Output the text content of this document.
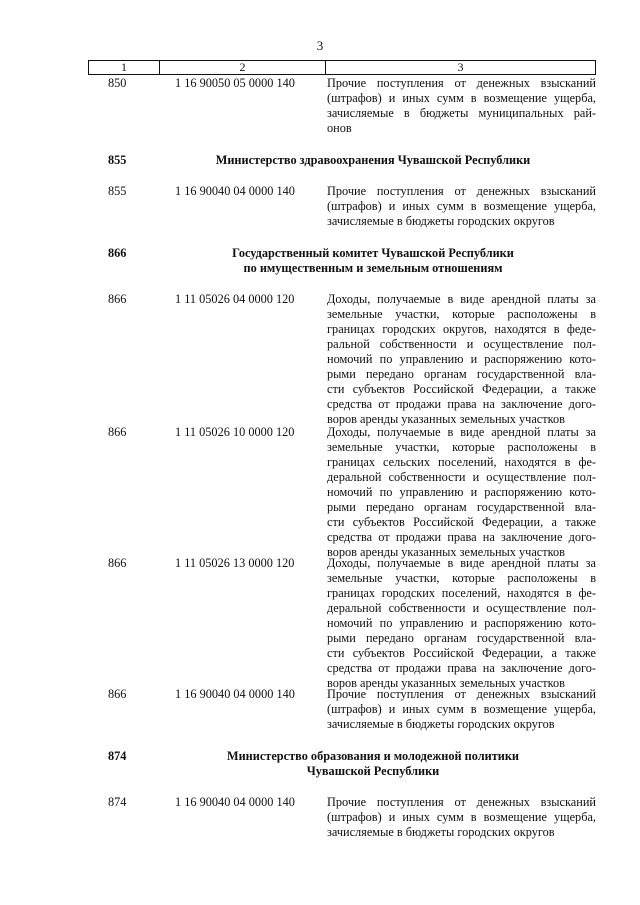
3
1	2	3
850	1 16 90050 05 0000 140	Прочие поступления от денежных взысканий
(штрафов) и иных сумм в возмещение ущерба,
зачисляемые в бюджеты муниципальных рай-
онов
855	Министерство здравоохранения Чувашской Республики
855	1 16 90040 04 0000 140	Прочие поступления от денежных взысканий
(штрафов) и иных сумм в возмещение ущерба,
зачисляемые в бюджеты городских округов
866	Государственный комитет Чувашской Республики
по имущественным и земельным отношениям
866	1 11 05026 04 0000 120	Доходы, получаемые в виде арендной платы за
земельные участки, которые расположены в
границах городских округов, находятся в феде-
ральной собственности и осуществление пол-
номочий по управлению и распоряжению кото-
рыми передано органам государственной вла-
сти субъектов Российской Федерации, а также
средства от продажи права на заключение дого-
воров аренды указанных земельных участков
866	1 11 05026 10 0000 120	Доходы, получаемые в виде арендной платы за
земельные участки, которые расположены в
границах сельских поселений, находятся в фе-
деральной собственности и осуществление пол-
номочий по управлению и распоряжению кото-
рыми передано органам государственной вла-
сти субъектов Российской Федерации, а также
средства от продажи права на заключение дого-
воров аренды указанных земельных участков
866	1 11 05026 13 0000 120	Доходы, получаемые в виде арендной платы за
земельные участки, которые расположены в
границах городских поселений, находятся в фе-
деральной собственности и осуществление пол-
номочий по управлению и распоряжению кото-
рыми передано органам государственной вла-
сти субъектов Российской Федерации, а также
средства от продажи права на заключение дого-
воров аренды указанных земельных участков
866	1 16 90040 04 0000 140	Прочие поступления от денежных взысканий
(штрафов) и иных сумм в возмещение ущерба,
зачисляемые в бюджеты городских округов
874	Министерство образования и молодежной политики
Чувашской Республики
874	1 16 90040 04 0000 140	Прочие поступления от денежных взысканий
(штрафов) и иных сумм в возмещение ущерба,
зачисляемые в бюджеты городских округов
